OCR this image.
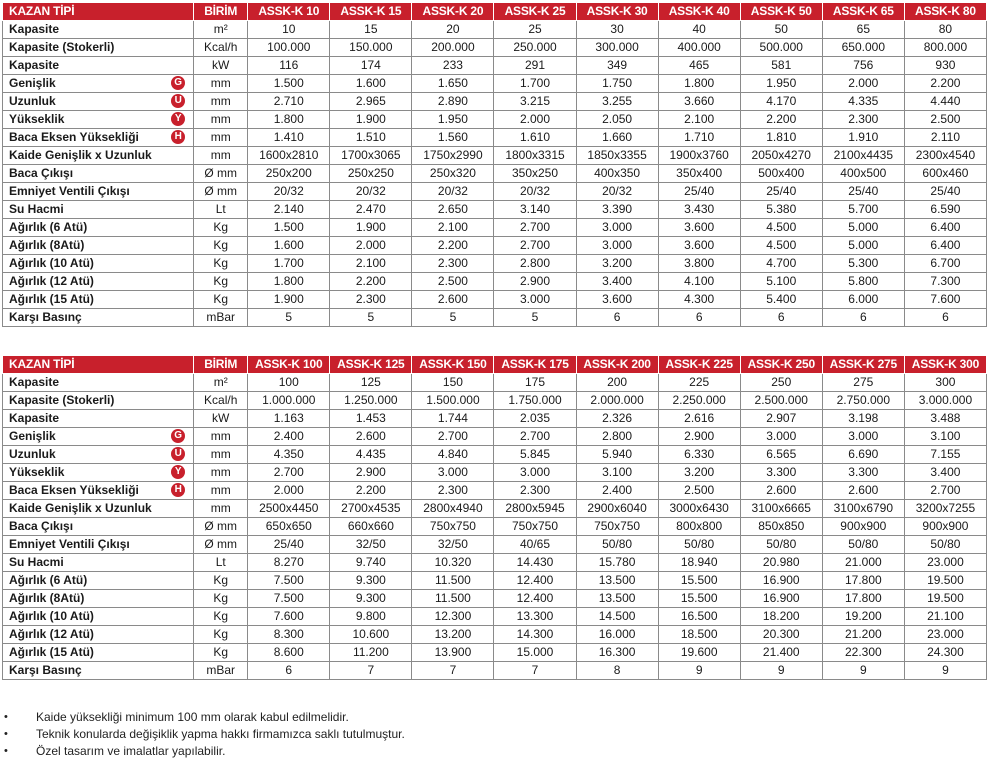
KAZAN TİPİ	BİRİM	ASSK-K 10	ASSK-K 15	ASSK-K 20	ASSK-K 25	ASSK-K 30	ASSK-K 40	ASSK-K 50	ASSK-K 65	ASSK-K 80
Kapasite	m²	10	15	20	25	30	40	50	65	80
Kapasite (Stokerli)	Kcal/h	100.000	150.000	200.000	250.000	300.000	400.000	500.000	650.000	800.000
Kapasite	kW	116	174	233	291	349	465	581	756	930
Genişlik G	mm	1.500	1.600	1.650	1.700	1.750	1.800	1.950	2.000	2.200
Uzunluk U	mm	2.710	2.965	2.890	3.215	3.255	3.660	4.170	4.335	4.440
Yükseklik Y	mm	1.800	1.900	1.950	2.000	2.050	2.100	2.200	2.300	2.500
Baca Eksen Yüksekliği H	mm	1.410	1.510	1.560	1.610	1.660	1.710	1.810	1.910	2.110
Kaide Genişlik x Uzunluk	mm	1600x2810	1700x3065	1750x2990	1800x3315	1850x3355	1900x3760	2050x4270	2100x4435	2300x4540
Baca Çıkışı	Ø mm	250x200	250x250	250x320	350x250	400x350	350x400	500x400	400x500	600x460
Emniyet Ventili Çıkışı	Ø mm	20/32	20/32	20/32	20/32	20/32	25/40	25/40	25/40	25/40
Su Hacmi	Lt	2.140	2.470	2.650	3.140	3.390	3.430	5.380	5.700	6.590
Ağırlık (6 Atü)	Kg	1.500	1.900	2.100	2.700	3.000	3.600	4.500	5.000	6.400
Ağırlık (8Atü)	Kg	1.600	2.000	2.200	2.700	3.000	3.600	4.500	5.000	6.400
Ağırlık (10 Atü)	Kg	1.700	2.100	2.300	2.800	3.200	3.800	4.700	5.300	6.700
Ağırlık (12 Atü)	Kg	1.800	2.200	2.500	2.900	3.400	4.100	5.100	5.800	7.300
Ağırlık (15 Atü)	Kg	1.900	2.300	2.600	3.000	3.600	4.300	5.400	6.000	7.600
Karşı Basınç	mBar	5	5	5	5	6	6	6	6	6
KAZAN TİPİ	BİRİM	ASSK-K 100	ASSK-K 125	ASSK-K 150	ASSK-K 175	ASSK-K 200	ASSK-K 225	ASSK-K 250	ASSK-K 275	ASSK-K 300
Kapasite	m²	100	125	150	175	200	225	250	275	300
Kapasite (Stokerli)	Kcal/h	1.000.000	1.250.000	1.500.000	1.750.000	2.000.000	2.250.000	2.500.000	2.750.000	3.000.000
Kapasite	kW	1.163	1.453	1.744	2.035	2.326	2.616	2.907	3.198	3.488
Genişlik G	mm	2.400	2.600	2.700	2.700	2.800	2.900	3.000	3.000	3.100
Uzunluk U	mm	4.350	4.435	4.840	5.845	5.940	6.330	6.565	6.690	7.155
Yükseklik Y	mm	2.700	2.900	3.000	3.000	3.100	3.200	3.300	3.300	3.400
Baca Eksen Yüksekliği H	mm	2.000	2.200	2.300	2.300	2.400	2.500	2.600	2.600	2.700
Kaide Genişlik x Uzunluk	mm	2500x4450	2700x4535	2800x4940	2800x5945	2900x6040	3000x6430	3100x6665	3100x6790	3200x7255
Baca Çıkışı	Ø mm	650x650	660x660	750x750	750x750	750x750	800x800	850x850	900x900	900x900
Emniyet Ventili Çıkışı	Ø mm	25/40	32/50	32/50	40/65	50/80	50/80	50/80	50/80	50/80
Su Hacmi	Lt	8.270	9.740	10.320	14.430	15.780	18.940	20.980	21.000	23.000
Ağırlık (6 Atü)	Kg	7.500	9.300	11.500	12.400	13.500	15.500	16.900	17.800	19.500
Ağırlık (8Atü)	Kg	7.500	9.300	11.500	12.400	13.500	15.500	16.900	17.800	19.500
Ağırlık (10 Atü)	Kg	7.600	9.800	12.300	13.300	14.500	16.500	18.200	19.200	21.100
Ağırlık (12 Atü)	Kg	8.300	10.600	13.200	14.300	16.000	18.500	20.300	21.200	23.000
Ağırlık (15 Atü)	Kg	8.600	11.200	13.900	15.000	16.300	19.600	21.400	22.300	24.300
Karşı Basınç	mBar	6	7	7	7	8	9	9	9	9
• Kaide yüksekliği minimum 100 mm olarak kabul edilmelidir.
• Teknik konularda değişiklik yapma hakkı firmamızca saklı tutulmuştur.
• Özel tasarım ve imalatlar yapılabilir.
